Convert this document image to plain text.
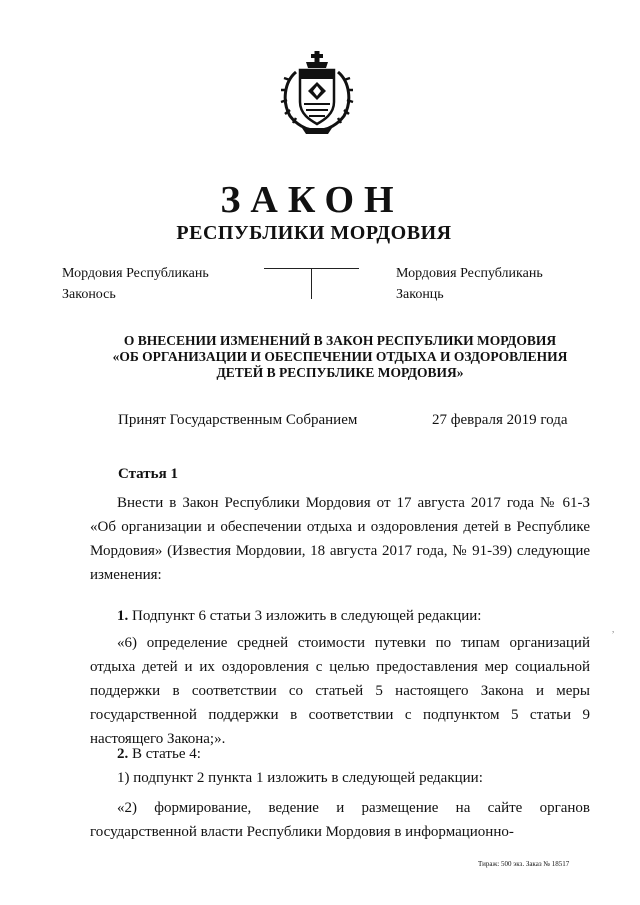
ЗАКОН
РЕСПУБЛИКИ МОРДОВИЯ
Мордовия Республикань
Законось
Мордовия Республикань
Законць
О ВНЕСЕНИИ ИЗМЕНЕНИЙ В ЗАКОН РЕСПУБЛИКИ МОРДОВИЯ
«ОБ ОРГАНИЗАЦИИ И ОБЕСПЕЧЕНИИ ОТДЫХА И ОЗДОРОВЛЕНИЯ
ДЕТЕЙ В РЕСПУБЛИКЕ МОРДОВИЯ»
Принят Государственным Собранием	27 февраля 2019 года
Статья 1
Внести в Закон Республики Мордовия от 17 августа 2017 года № 61-З «Об организации и обеспечении отдыха и оздоровления детей в Республике Мордовия» (Известия Мордовии, 18 августа 2017 года, № 91-39) следующие изменения:
1. Подпункт 6 статьи 3 изложить в следующей редакции:
«6) определение средней стоимости путевки по типам организаций отдыха детей и их оздоровления с целью предоставления мер социальной поддержки в соответствии со статьей 5 настоящего Закона и меры государственной поддержки в соответствии с подпунктом 5 статьи 9 настоящего Закона;».
2. В статье 4:
1) подпункт 2 пункта 1 изложить в следующей редакции:
«2) формирование, ведение и размещение на сайте органов государственной власти Республики Мордовия в информационно-
,
Тираж: 500 экз. Заказ № 18517
